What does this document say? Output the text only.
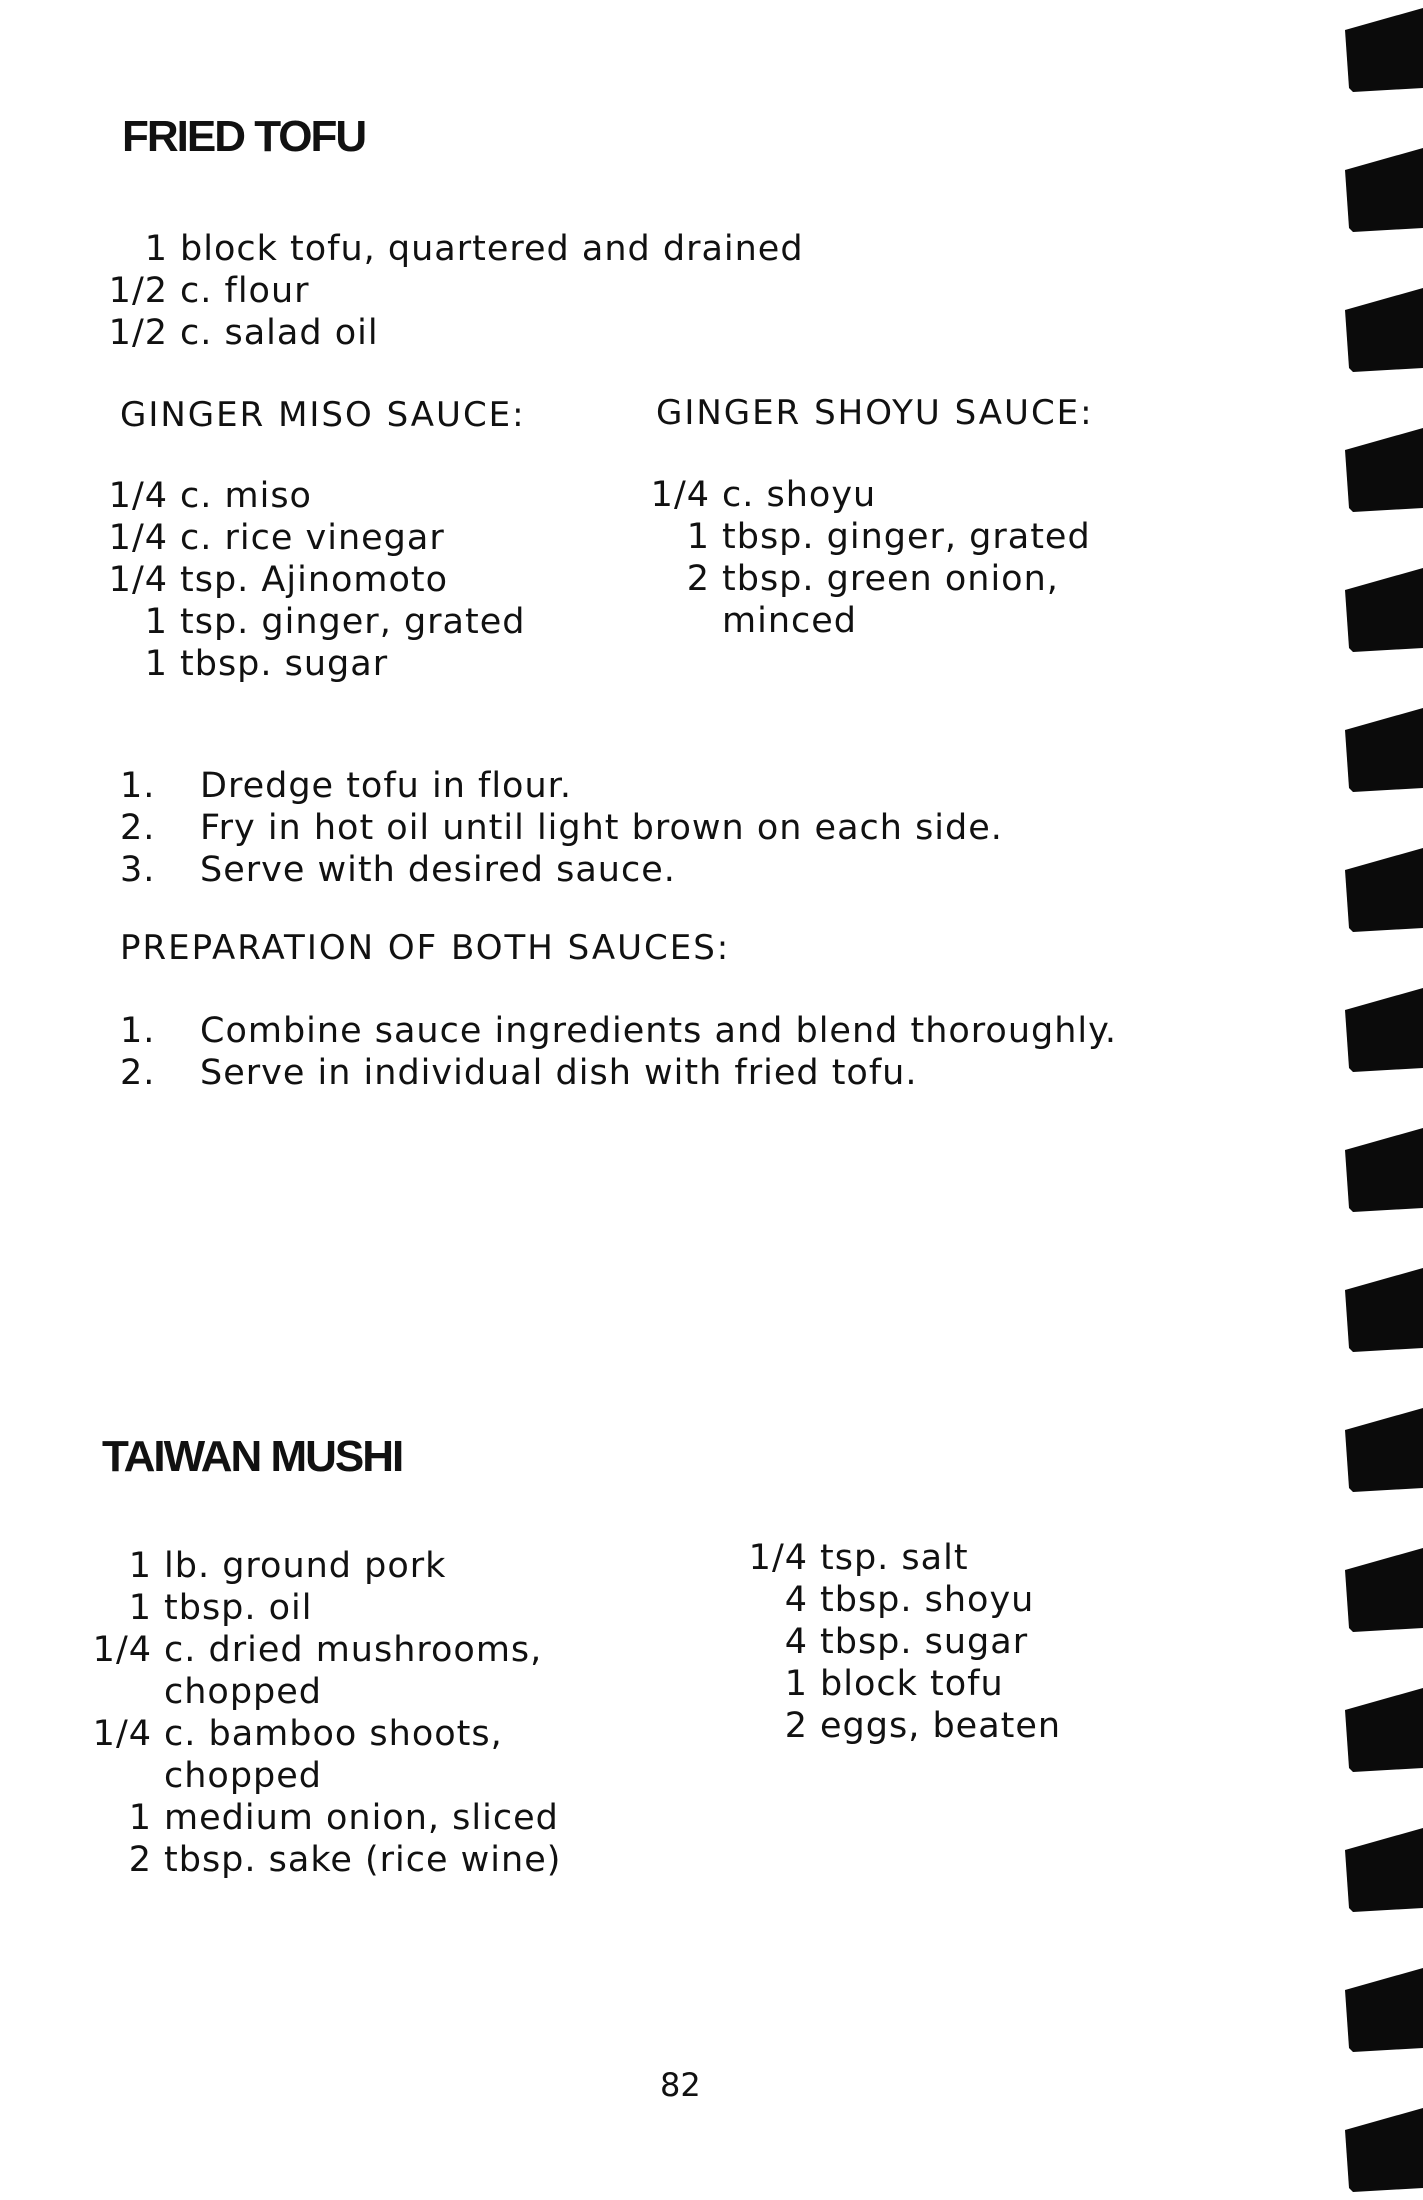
FRIED TOFU
1 block tofu, quartered and drained
1/2 c. flour
1/2 c. salad oil
GINGER MISO SAUCE:	GINGER SHOYU SAUCE:
1/4 c. miso
1/4 c. rice vinegar
1/4 tsp. Ajinomoto
1 tsp. ginger, grated
1 tbsp. sugar
1/4 c. shoyu
1 tbsp. ginger, grated
2 tbsp. green onion,
minced
1.	Dredge tofu in flour.
2.	Fry in hot oil until light brown on each side.
3.	Serve with desired sauce.
PREPARATION OF BOTH SAUCES:
1.	Combine sauce ingredients and blend thoroughly.
2.	Serve in individual dish with fried tofu.
TAIWAN MUSHI
1 lb. ground pork
1 tbsp. oil
1/4 c. dried mushrooms,
chopped
1/4 c. bamboo shoots,
chopped
1 medium onion, sliced
2 tbsp. sake (rice wine)
1/4 tsp. salt
4 tbsp. shoyu
4 tbsp. sugar
1 block tofu
2 eggs, beaten
82
